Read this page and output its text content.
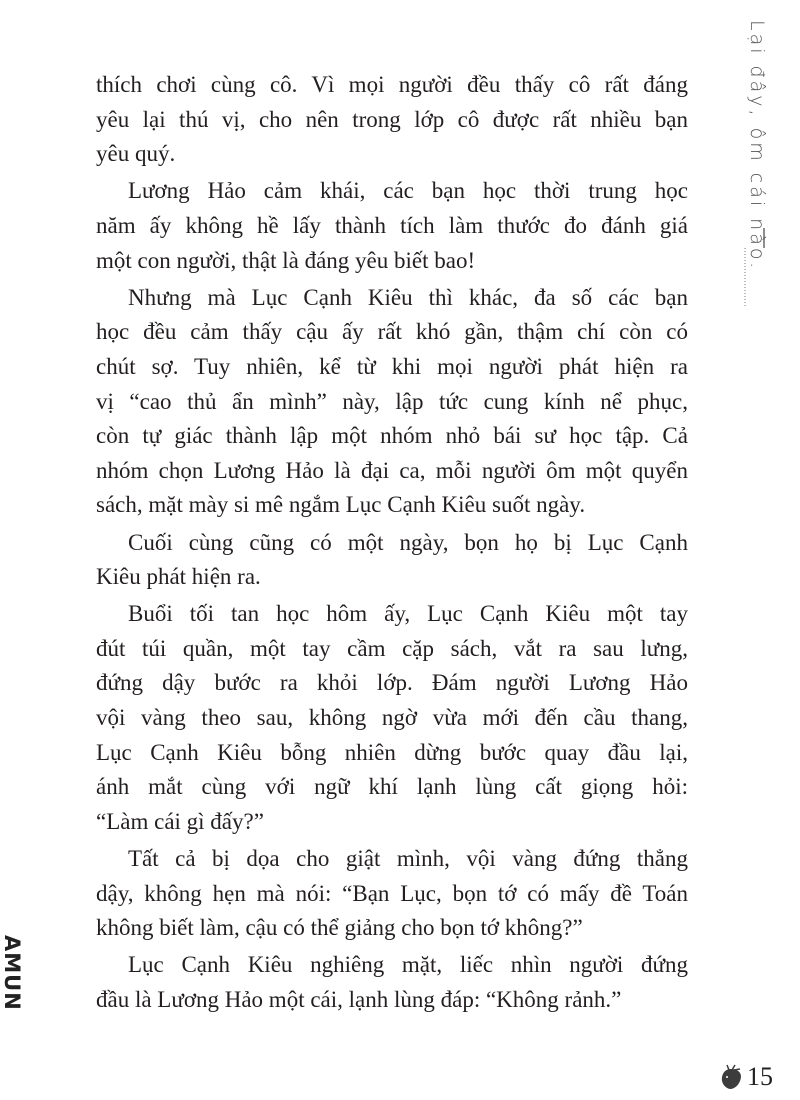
Lại đây, ôm cái nào.
thích chơi cùng cô. Vì mọi người đều thấy cô rất đáng
yêu lại thú vị, cho nên trong lớp cô được rất nhiều bạn
yêu quý.
Lương Hảo cảm khái, các bạn học thời trung học
năm ấy không hề lấy thành tích làm thước đo đánh giá
một con người, thật là đáng yêu biết bao!
Nhưng mà Lục Cạnh Kiêu thì khác, đa số các bạn
học đều cảm thấy cậu ấy rất khó gần, thậm chí còn có
chút sợ. Tuy nhiên, kể từ khi mọi người phát hiện ra
vị “cao thủ ẩn mình” này, lập tức cung kính nể phục,
còn tự giác thành lập một nhóm nhỏ bái sư học tập. Cả
nhóm chọn Lương Hảo là đại ca, mỗi người ôm một quyển
sách, mặt mày si mê ngắm Lục Cạnh Kiêu suốt ngày.
Cuối cùng cũng có một ngày, bọn họ bị Lục Cạnh
Kiêu phát hiện ra.
Buổi tối tan học hôm ấy, Lục Cạnh Kiêu một tay
đút túi quần, một tay cầm cặp sách, vắt ra sau lưng,
đứng dậy bước ra khỏi lớp. Đám người Lương Hảo
vội vàng theo sau, không ngờ vừa mới đến cầu thang,
Lục Cạnh Kiêu bỗng nhiên dừng bước quay đầu lại,
ánh mắt cùng với ngữ khí lạnh lùng cất giọng hỏi:
“Làm cái gì đấy?”
Tất cả bị dọa cho giật mình, vội vàng đứng thẳng
dậy, không hẹn mà nói: “Bạn Lục, bọn tớ có mấy đề Toán
không biết làm, cậu có thể giảng cho bọn tớ không?”
Lục Cạnh Kiêu nghiêng mặt, liếc nhìn người đứng
đầu là Lương Hảo một cái, lạnh lùng đáp: “Không rảnh.”
AMUN
15
